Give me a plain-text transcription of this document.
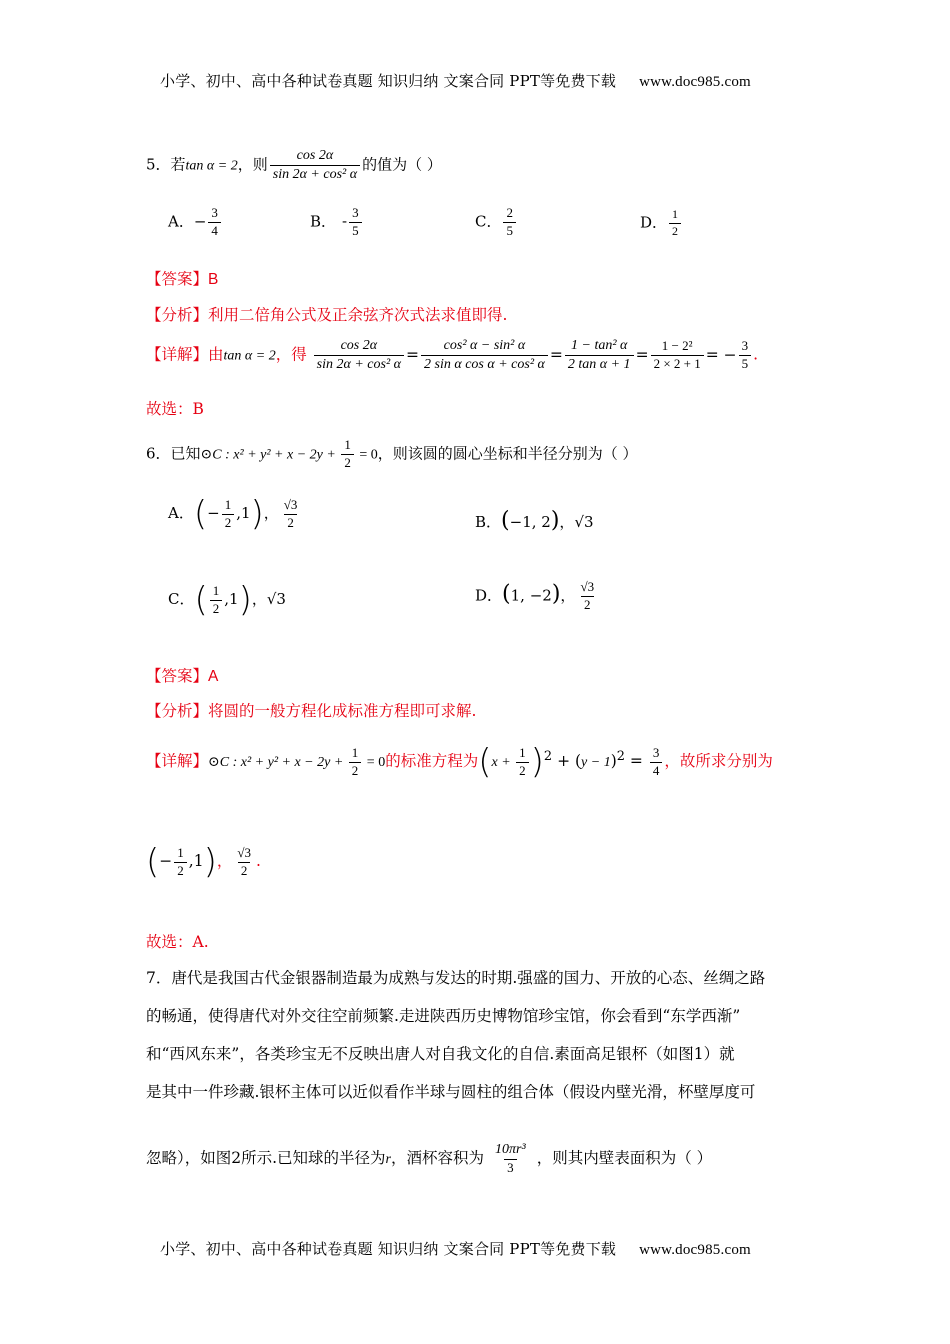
小学、初中、高中各种试卷真题 知识归纳 文案合同 PPT等免费下载 www.doc985.com
5．若tan α = 2，则 $\frac{\cos 2\alpha}{\text{sin 2α + cos² α}}$ 的值为（ ）
A．− $\frac{3}{4}$	B． - $\frac{3}{5}$	C． $\frac{2}{5}$	D． $\frac{1}{2}$
【答案】B
【分析】利用二倍角公式及正余弦齐次式法求值即得.
【详解】由tan α = 2，得 $\frac{\cos 2\alpha}{\text{sin 2α + cos² α}} = \frac{\text{cos² α − sin² α}}{\text{2 sin α cos α + cos² α}} = \frac{\text{1 − tan² α}}{\text{2 tan α + 1}} = \frac{\text{1 − 2²}}{2 \times 2 + 1}$ = − $\frac{3}{5}$ .
故选：B
6．已知⊙C : $x^2 + y^2 + x - 2y + \frac{1}{2} = 0$，则该圆的圆心坐标和半径分别为（ ）
A．(− $\frac{1}{2} ,1$)， $\frac{√3}{2}$	B．(−1, 2)，√3
C．( $\frac{1}{2} ,1$)，√3	D．(1, −2)， $\frac{√3}{2}$
【答案】A
【分析】将圆的一般方程化成标准方程即可求解.
【详解】⊙C : $x^2 + y^2 + x - 2y + \frac{1}{2} = 0$的标准方程为$(x + \frac{1}{2} )^2 + (y - 1)^2 = \frac{3}{4}$ ，故所求分别为
(− $\frac{1}{2} ,1$)， $\frac{√3}{2}$ .
故选：A.
7．唐代是我国古代金银器制造最为成熟与发达的时期.强盛的国力、开放的心态、丝绸之路
的畅通，使得唐代对外交往空前频繁.走进陕西历史博物馆珍宝馆，你会看到“东学西渐”
和“西风东来”，各类珍宝无不反映出唐人对自我文化的自信.素面高足银杯（如图1）就
是其中一件珍藏.银杯主体可以近似看作半球与圆柱的组合体（假设内壁光滑，杯壁厚度可
忽略），如图2所示.已知球的半径为r，酒杯容积为 $\frac{\text{10πr³}}{3}$ ，则其内壁表面积为（ ）
小学、初中、高中各种试卷真题 知识归纳 文案合同 PPT等免费下载 www.doc985.com
